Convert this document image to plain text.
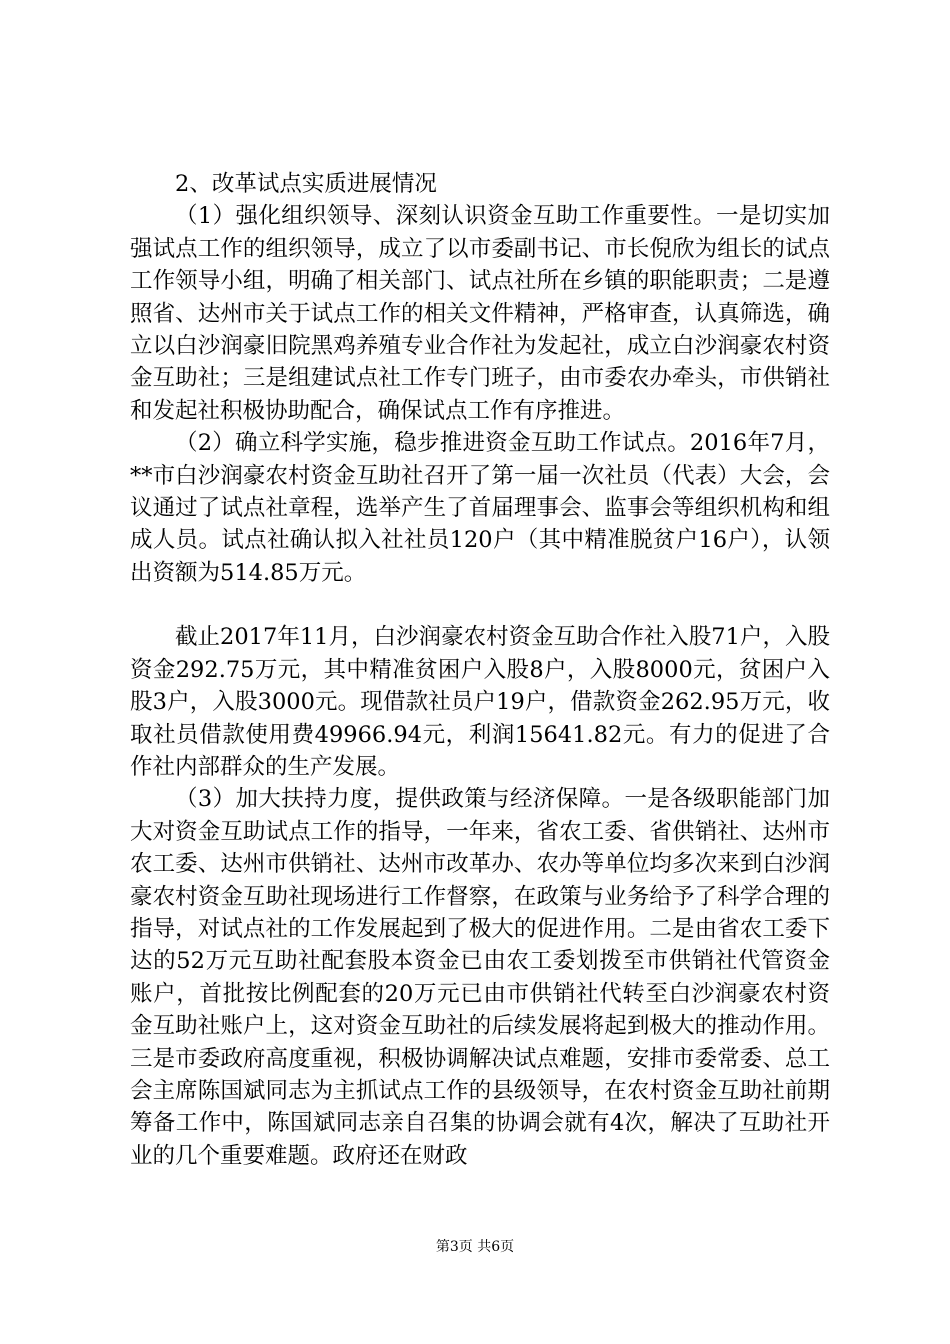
2、改革试点实质进展情况

（1）强化组织领导、深刻认识资金互助工作重要性。一是切实加强试点工作的组织领导，成立了以市委副书记、市长倪欣为组长的试点工作领导小组，明确了相关部门、试点社所在乡镇的职能职责；二是遵照省、达州市关于试点工作的相关文件精神，严格审查，认真筛选，确立以白沙润豪旧院黑鸡养殖专业合作社为发起社，成立白沙润豪农村资金互助社；三是组建试点社工作专门班子，由市委农办牵头，市供销社和发起社积极协助配合，确保试点工作有序推进。

（2）确立科学实施，稳步推进资金互助工作试点。2016年7月，**市白沙润豪农村资金互助社召开了第一届一次社员（代表）大会，会议通过了试点社章程，选举产生了首届理事会、监事会等组织机构和组成人员。试点社确认拟入社社员120户（其中精准脱贫户16户），认领出资额为514.85万元。

截止2017年11月，白沙润豪农村资金互助合作社入股71户，入股资金292.75万元，其中精准贫困户入股8户，入股8000元，贫困户入股3户，入股3000元。现借款社员户19户，借款资金262.95万元，收取社员借款使用费49966.94元，利润15641.82元。有力的促进了合作社内部群众的生产发展。

（3）加大扶持力度，提供政策与经济保障。一是各级职能部门加大对资金互助试点工作的指导，一年来，省农工委、省供销社、达州市农工委、达州市供销社、达州市改革办、农办等单位均多次来到白沙润豪农村资金互助社现场进行工作督察，在政策与业务给予了科学合理的指导，对试点社的工作发展起到了极大的促进作用。二是由省农工委下达的52万元互助社配套股本资金已由农工委划拨至市供销社代管资金账户，首批按比例配套的20万元已由市供销社代转至白沙润豪农村资金互助社账户上，这对资金互助社的后续发展将起到极大的推动作用。三是市委政府高度重视，积极协调解决试点难题，安排市委常委、总工会主席陈国斌同志为主抓试点工作的县级领导，在农村资金互助社前期筹备工作中，陈国斌同志亲自召集的协调会就有4次，解决了互助社开业的几个重要难题。政府还在财政

第3页 共6页
